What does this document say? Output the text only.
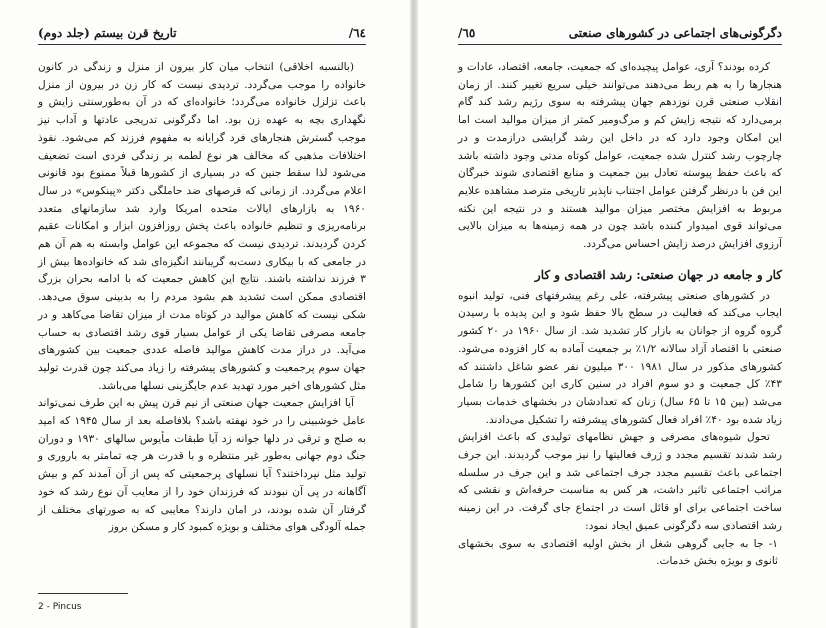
٦٤/
تاریخ قرن بیستم (جلد دوم)

(بالنسبه اخلاقی) انتخاب میان کار بیرون از منزل و زندگی در کانون خانواده را موجب می‌گردد. تردیدی نیست که کار زن در بیرون از منزل باعث تزلزل خانواده می‌گردد؛ خانواده‌ای که در آن به‌طورسنتی زایش و نگهداری بچه به عهده زن بود. اما دگرگونی تدریجی عادتها و آداب نیز موجب گسترش هنجارهای فرد گرایانه به مفهوم فرزند کم می‌شود. نفوذ اختلافات مذهبی که مخالف هر نوع لطمه بر زندگی فردی است تضعیف می‌شود لذا سقط جنین که در بسیاری از کشورها قبلاً ممنوع بود قانونی اعلام می‌گردد. از زمانی که قرصهای ضد حاملگی دکتر «پینکوس» در سال ۱۹۶۰ به بازارهای ایالات متحده امریکا وارد شد سازمانهای متعدد برنامه‌ریزی و تنظیم خانواده باعث پخش روزافزون ابزار و امکانات عقیم کردن گردیدند. تردیدی نیست که مجموعه این عوامل وابسته به هم آن هم در جامعی که با بیکاری دست‌به گریبانند انگیزه‌ای شد که خانواده‌ها بیش از ۳ فرزند نداشته باشند. نتایج این کاهش جمعیت که با ادامه بحران بزرگ اقتصادی ممکن است تشدید هم بشود مردم را به بدبینی سوق می‌دهد. شکی نیست که کاهش موالید در کوتاه مدت از میزان تقاضا می‌کاهد و در جامعه مصرفی تقاضا یکی از عوامل بسیار قوی رشد اقتصادی به حساب می‌آید. در دراز مدت کاهش موالید فاصله عددی جمعیت بین کشورهای جهان سوم پرجمعیت و کشورهای پیشرفته را زیاد می‌کند چون قدرت تولید مثل کشورهای اخیر مورد تهدید عدم جایگزینی نسلها می‌باشد.

آیا افزایش جمعیت جهان صنعتی از نیم قرن پیش به این طرف نمی‌تواند عامل خوشبینی را در خود نهفته باشد؟ بلافاصله بعد از سال ۱۹۴۵ که امید به صلح و ترقی در دلها جوانه زد آیا طبقات مأیوس سالهای ۱۹۳۰ و دوران جنگ دوم جهانی به‌طور غیر منتظره و با قدرت هر چه تمامتر به باروری و تولید مثل نپرداختند؟ آیا نسلهای پرجمعیتی که پس از آن آمدند کم و بیش آگاهانه در پی آن نبودند که فرزندان خود را از معایب آن نوع رشد که خود گرفتار آن شده بودند، در امان دارند؟ معایبی که به صورتهای مختلف از جمله آلودگی هوای مختلف و بویژه کمبود کار و مسکن بروز

2 - Pincus
دگرگونی‌های اجتماعی در کشورهای صنعتی
٦٥/

کرده بودند؟ آری، عوامل پیچیده‌ای که جمعیت، جامعه، اقتصاد، عادات و هنجارها را به هم ربط می‌دهند می‌توانند خیلی سریع تغییر کنند. از زمان انقلاب صنعتی قرن نوزدهم جهان پیشرفته به سوی رژیم رشد کند گام برمی‌دارد که نتیجه زایش کم و مرگ‌ومیر کمتر از میزان موالید است اما این امکان وجود دارد که در داخل این رشد گرایشی درازمدت و در چارچوب رشد کنترل شده جمعیت، عوامل کوتاه مدتی وجود داشته باشد که باعث حفظ پیوسته تعادل بین جمعیت و منابع اقتصادی شوند خبرگان این فن با درنظر گرفتن عوامل اجتناب ناپذیر تاریخی مترصد مشاهده علایم مربوط به افزایش مختصر میزان موالید هستند و در نتیجه این نکته می‌تواند قوی امیدوار کننده باشد چون در همه زمینه‌ها به میزان بالایی آرزوی افزایش درصد زایش احساس می‌گردد.

کار و جامعه در جهان صنعتی: رشد اقتصادی و کار

در کشورهای صنعتی پیشرفته، علی رغم پیشرفتهای فنی، تولید انبوه ایجاب می‌کند که فعالیت در سطح بالا حفظ شود و این پدیده با رسیدن گروه گروه از جوانان به بازار کار تشدید شد. از سال ۱۹۶۰ در ۲۰ کشور صنعتی با اقتصاد آزاد سالانه ۱/۲٪ بر جمعیت آماده به کار افزوده می‌شود. کشورهای مذکور در سال ۱۹۸۱ ۳۰۰ میلیون نفر عضو شاغل داشتند که ۴۳٪ کل جمعیت و دو سوم افراد در سنین کاری این کشورها را شامل می‌شد (بین ۱۵ تا ۶۵ سال) زنان که تعدادشان در بخشهای خدمات بسیار زیاد شده بود ۴۰٪ افراد فعال کشورهای پیشرفته را تشکیل می‌دادند.

تحول شیوه‌های مصرفی و جهش نظامهای تولیدی که باعث افزایش رشد شدند تقسیم مجدد و ژرف فعالیتها را نیز موجب گردیدند. این جرف اجتماعی باعث تقسیم مجدد جرف اجتماعی شد و این جرف در سلسله مراتب اجتماعی تاثیر داشت، هر کس به مناسبت حرفه‌اش و نقشی که ساخت اجتماعی برای او قائل است در اجتماع جای گرفت. در این زمینه رشد اقتصادی سه دگرگونی عمیق ایجاد نمود:

۱- جا به جایی گروهی شغل از بخش اولیه اقتصادی به سوی بخشهای ثانوی و بویژه بخش خدمات.
